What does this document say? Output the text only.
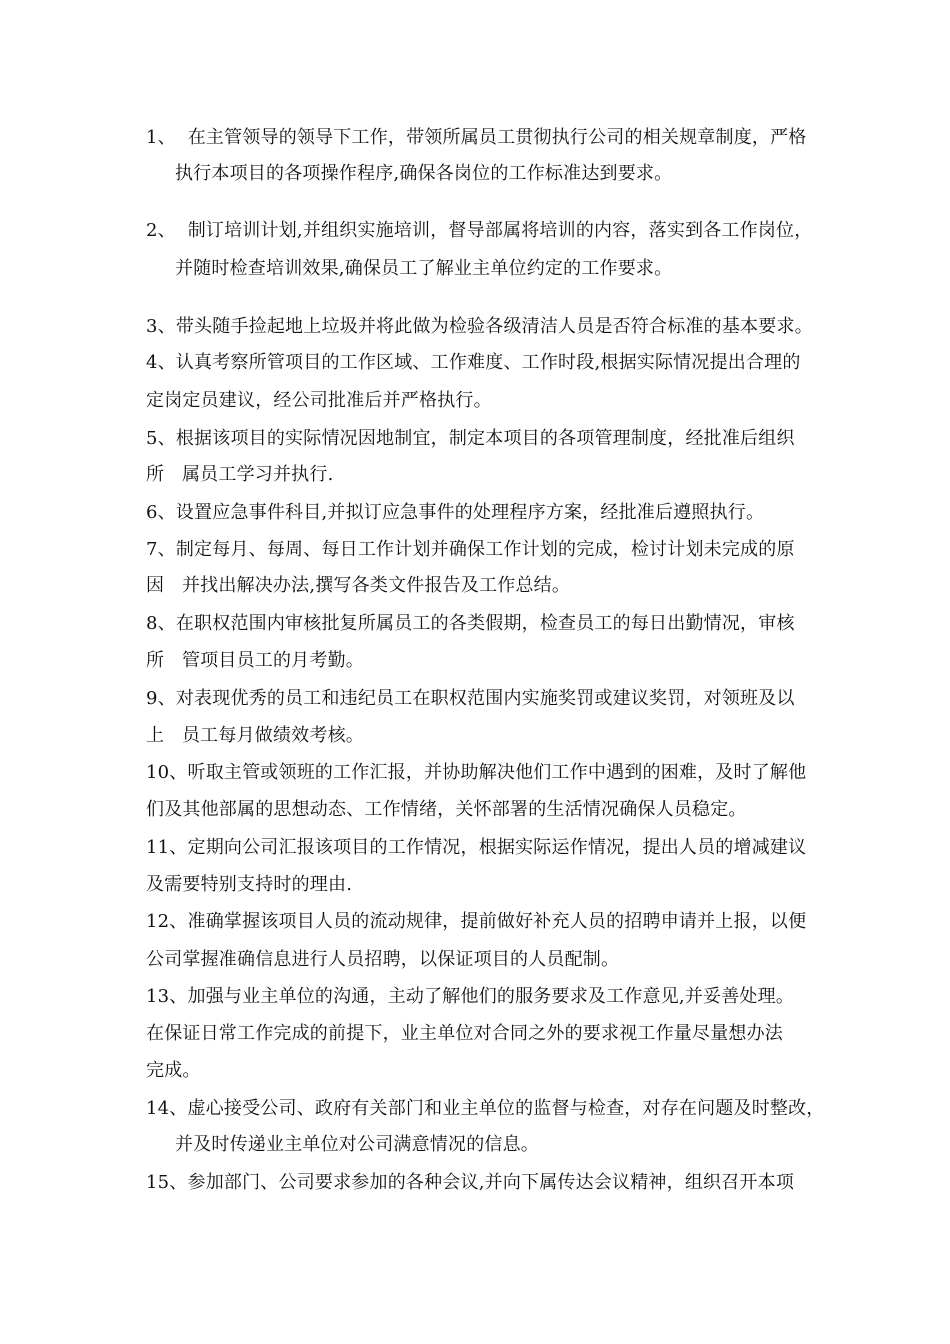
1、  在主管领导的领导下工作，带领所属员工贯彻执行公司的相关规章制度，严格

执行本项目的各项操作程序,确保各岗位的工作标准达到要求。

2、  制订培训计划,并组织实施培训，督导部属将培训的内容，落实到各工作岗位，

并随时检查培训效果,确保员工了解业主单位约定的工作要求。

3、带头随手捡起地上垃圾并将此做为检验各级清洁人员是否符合标准的基本要求。

4、认真考察所管项目的工作区域、工作难度、工作时段,根据实际情况提出合理的

定岗定员建议，经公司批准后并严格执行。

5、根据该项目的实际情况因地制宜，制定本项目的各项管理制度，经批准后组织

所   属员工学习并执行.

6、设置应急事件科目,并拟订应急事件的处理程序方案，经批准后遵照执行。

7、制定每月、每周、每日工作计划并确保工作计划的完成，检讨计划未完成的原

因   并找出解决办法,撰写各类文件报告及工作总结。

8、在职权范围内审核批复所属员工的各类假期，检查员工的每日出勤情况，审核

所   管项目员工的月考勤。

9、对表现优秀的员工和违纪员工在职权范围内实施奖罚或建议奖罚，对领班及以

上   员工每月做绩效考核。

10、听取主管或领班的工作汇报，并协助解决他们工作中遇到的困难，及时了解他

们及其他部属的思想动态、工作情绪，关怀部署的生活情况确保人员稳定。

11、定期向公司汇报该项目的工作情况，根据实际运作情况，提出人员的增减建议

及需要特别支持时的理由.

12、准确掌握该项目人员的流动规律，提前做好补充人员的招聘申请并上报，以便

公司掌握准确信息进行人员招聘，以保证项目的人员配制。

13、加强与业主单位的沟通，主动了解他们的服务要求及工作意见,并妥善处理。

在保证日常工作完成的前提下，业主单位对合同之外的要求视工作量尽量想办法

完成。

14、虚心接受公司、政府有关部门和业主单位的监督与检查，对存在问题及时整改，

并及时传递业主单位对公司满意情况的信息。

15、参加部门、公司要求参加的各种会议,并向下属传达会议精神，组织召开本项
